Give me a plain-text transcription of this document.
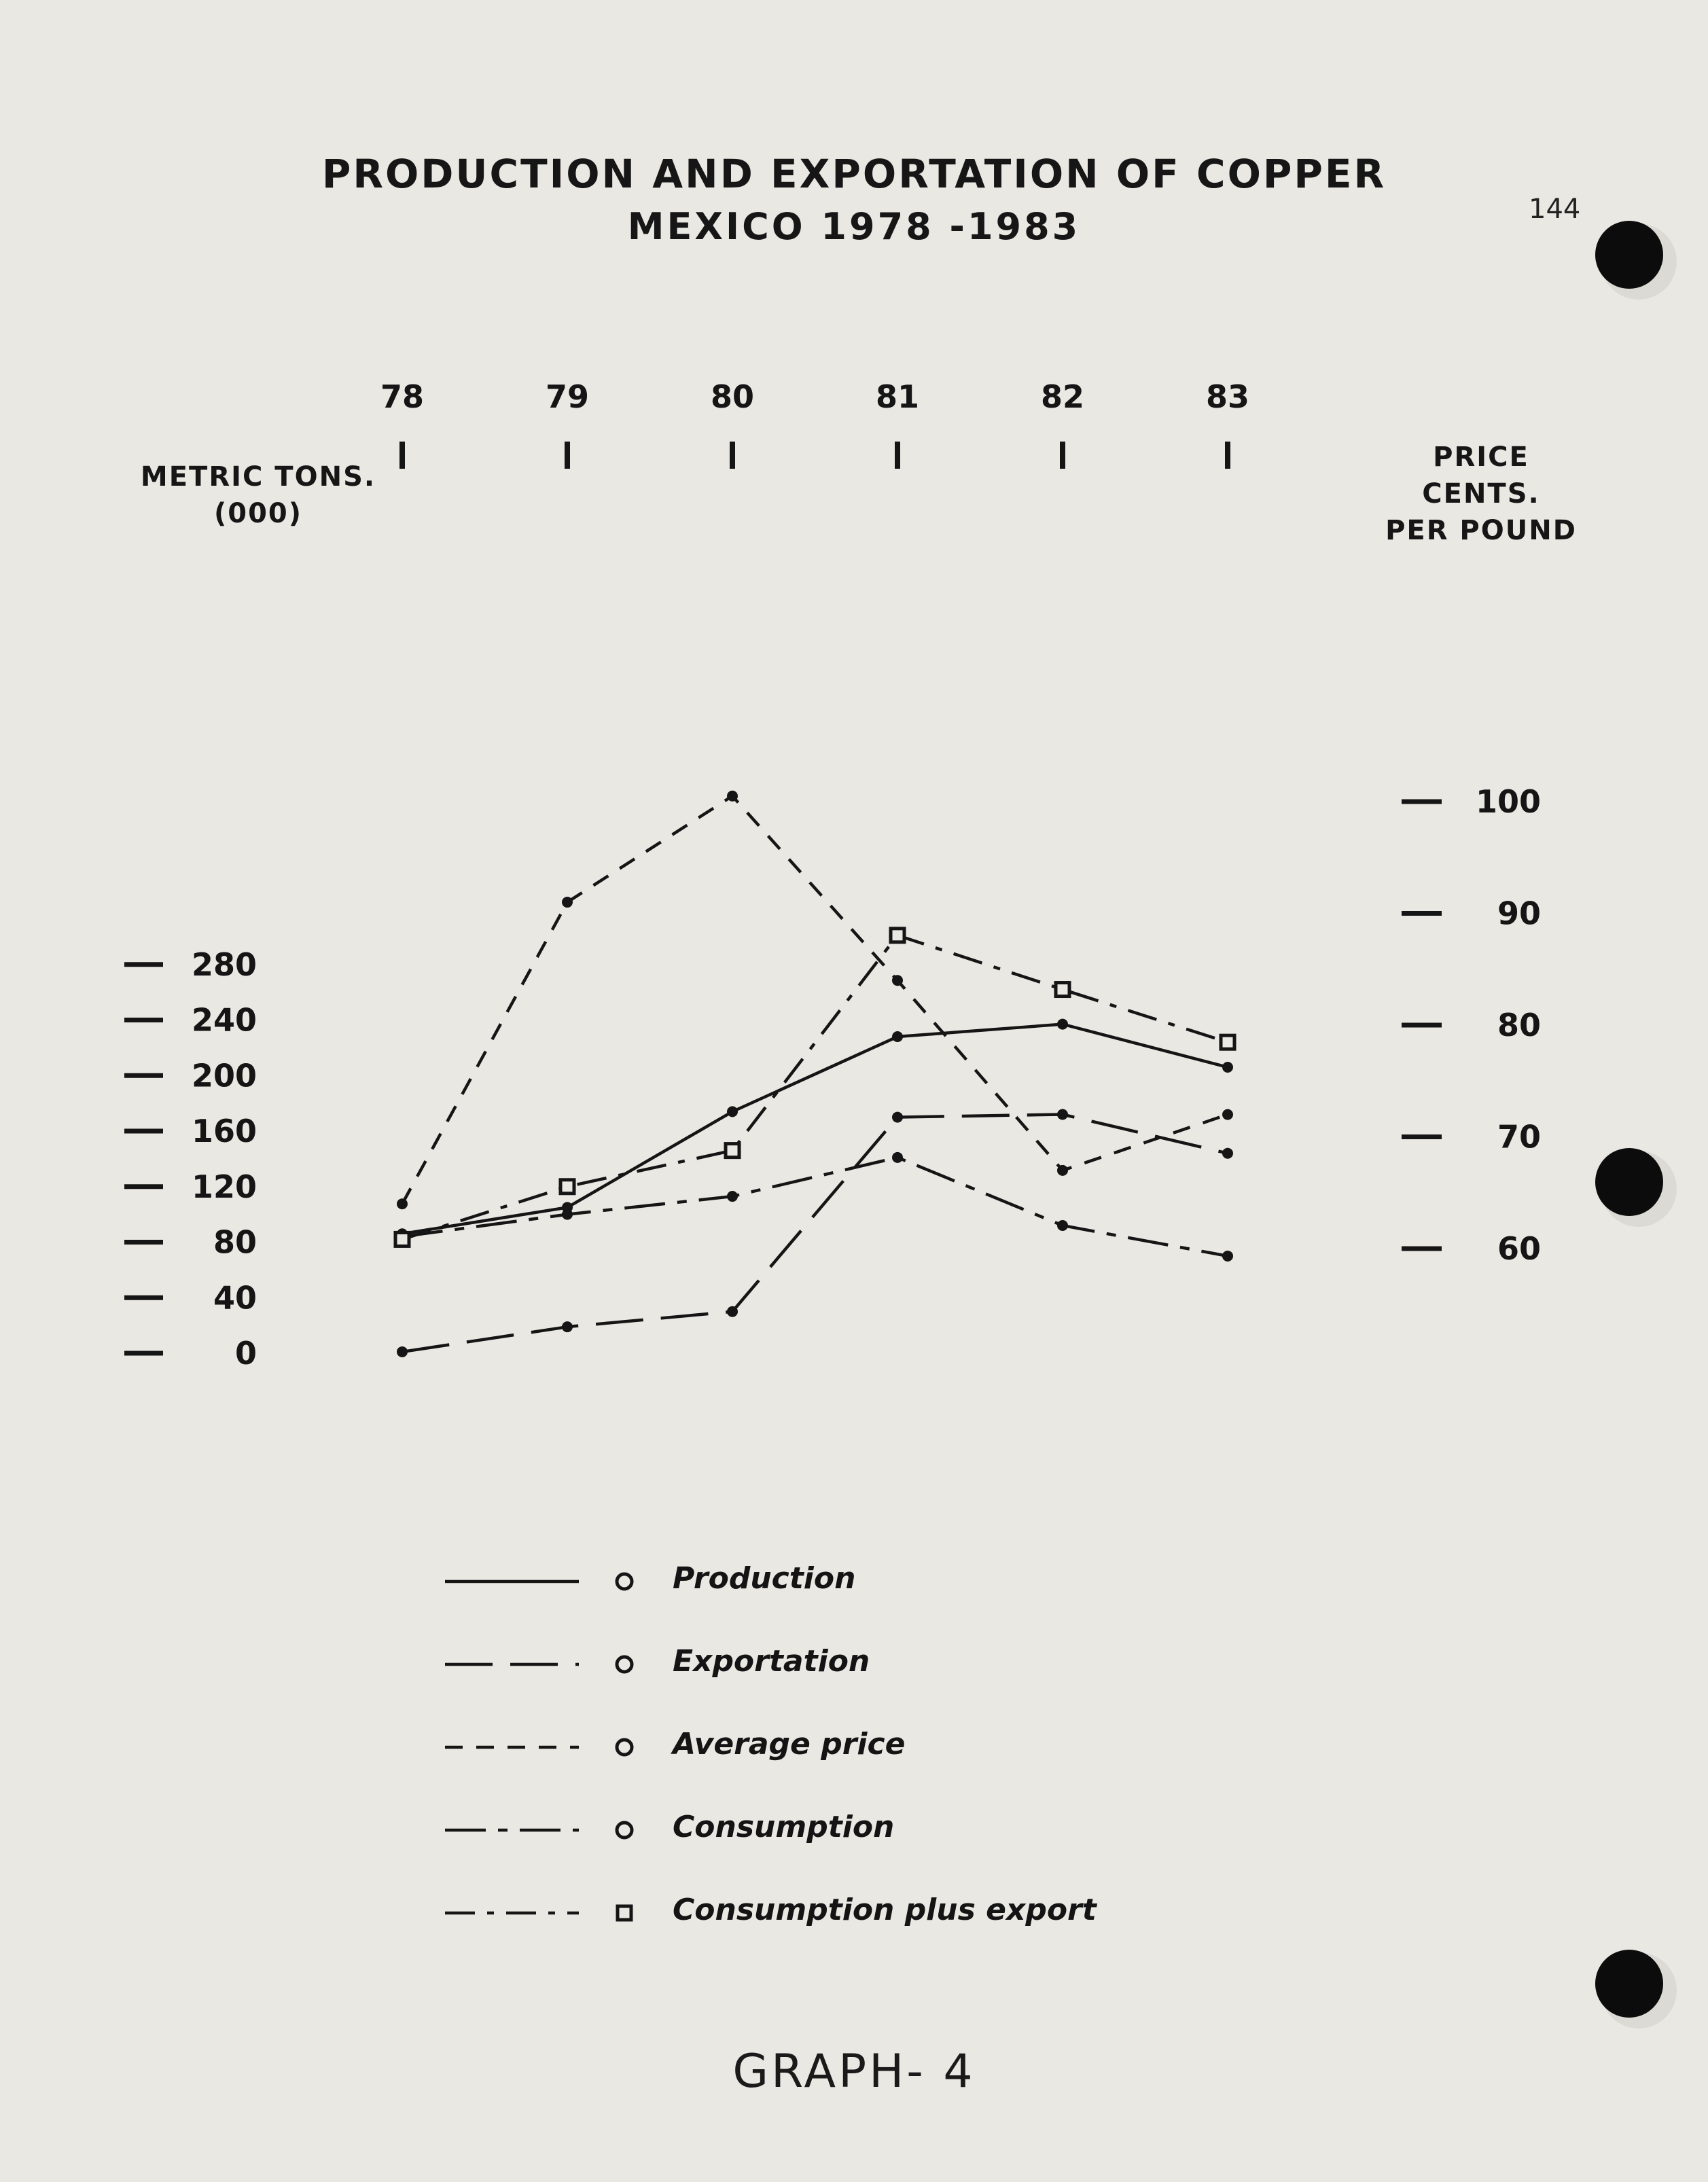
PRODUCTION AND EXPORTATION OF COPPER
MEXICO 1978 -1983	144
METRIC TONS.
(000)
PRICE
CENTS.
PER POUND
78	79	80	81	82	83
0
40
80
120
160
200
240
280
60
70
80
90
100
Production
Exportation
Average price
Consumption
Consumption plus export
GRAPH- 4
